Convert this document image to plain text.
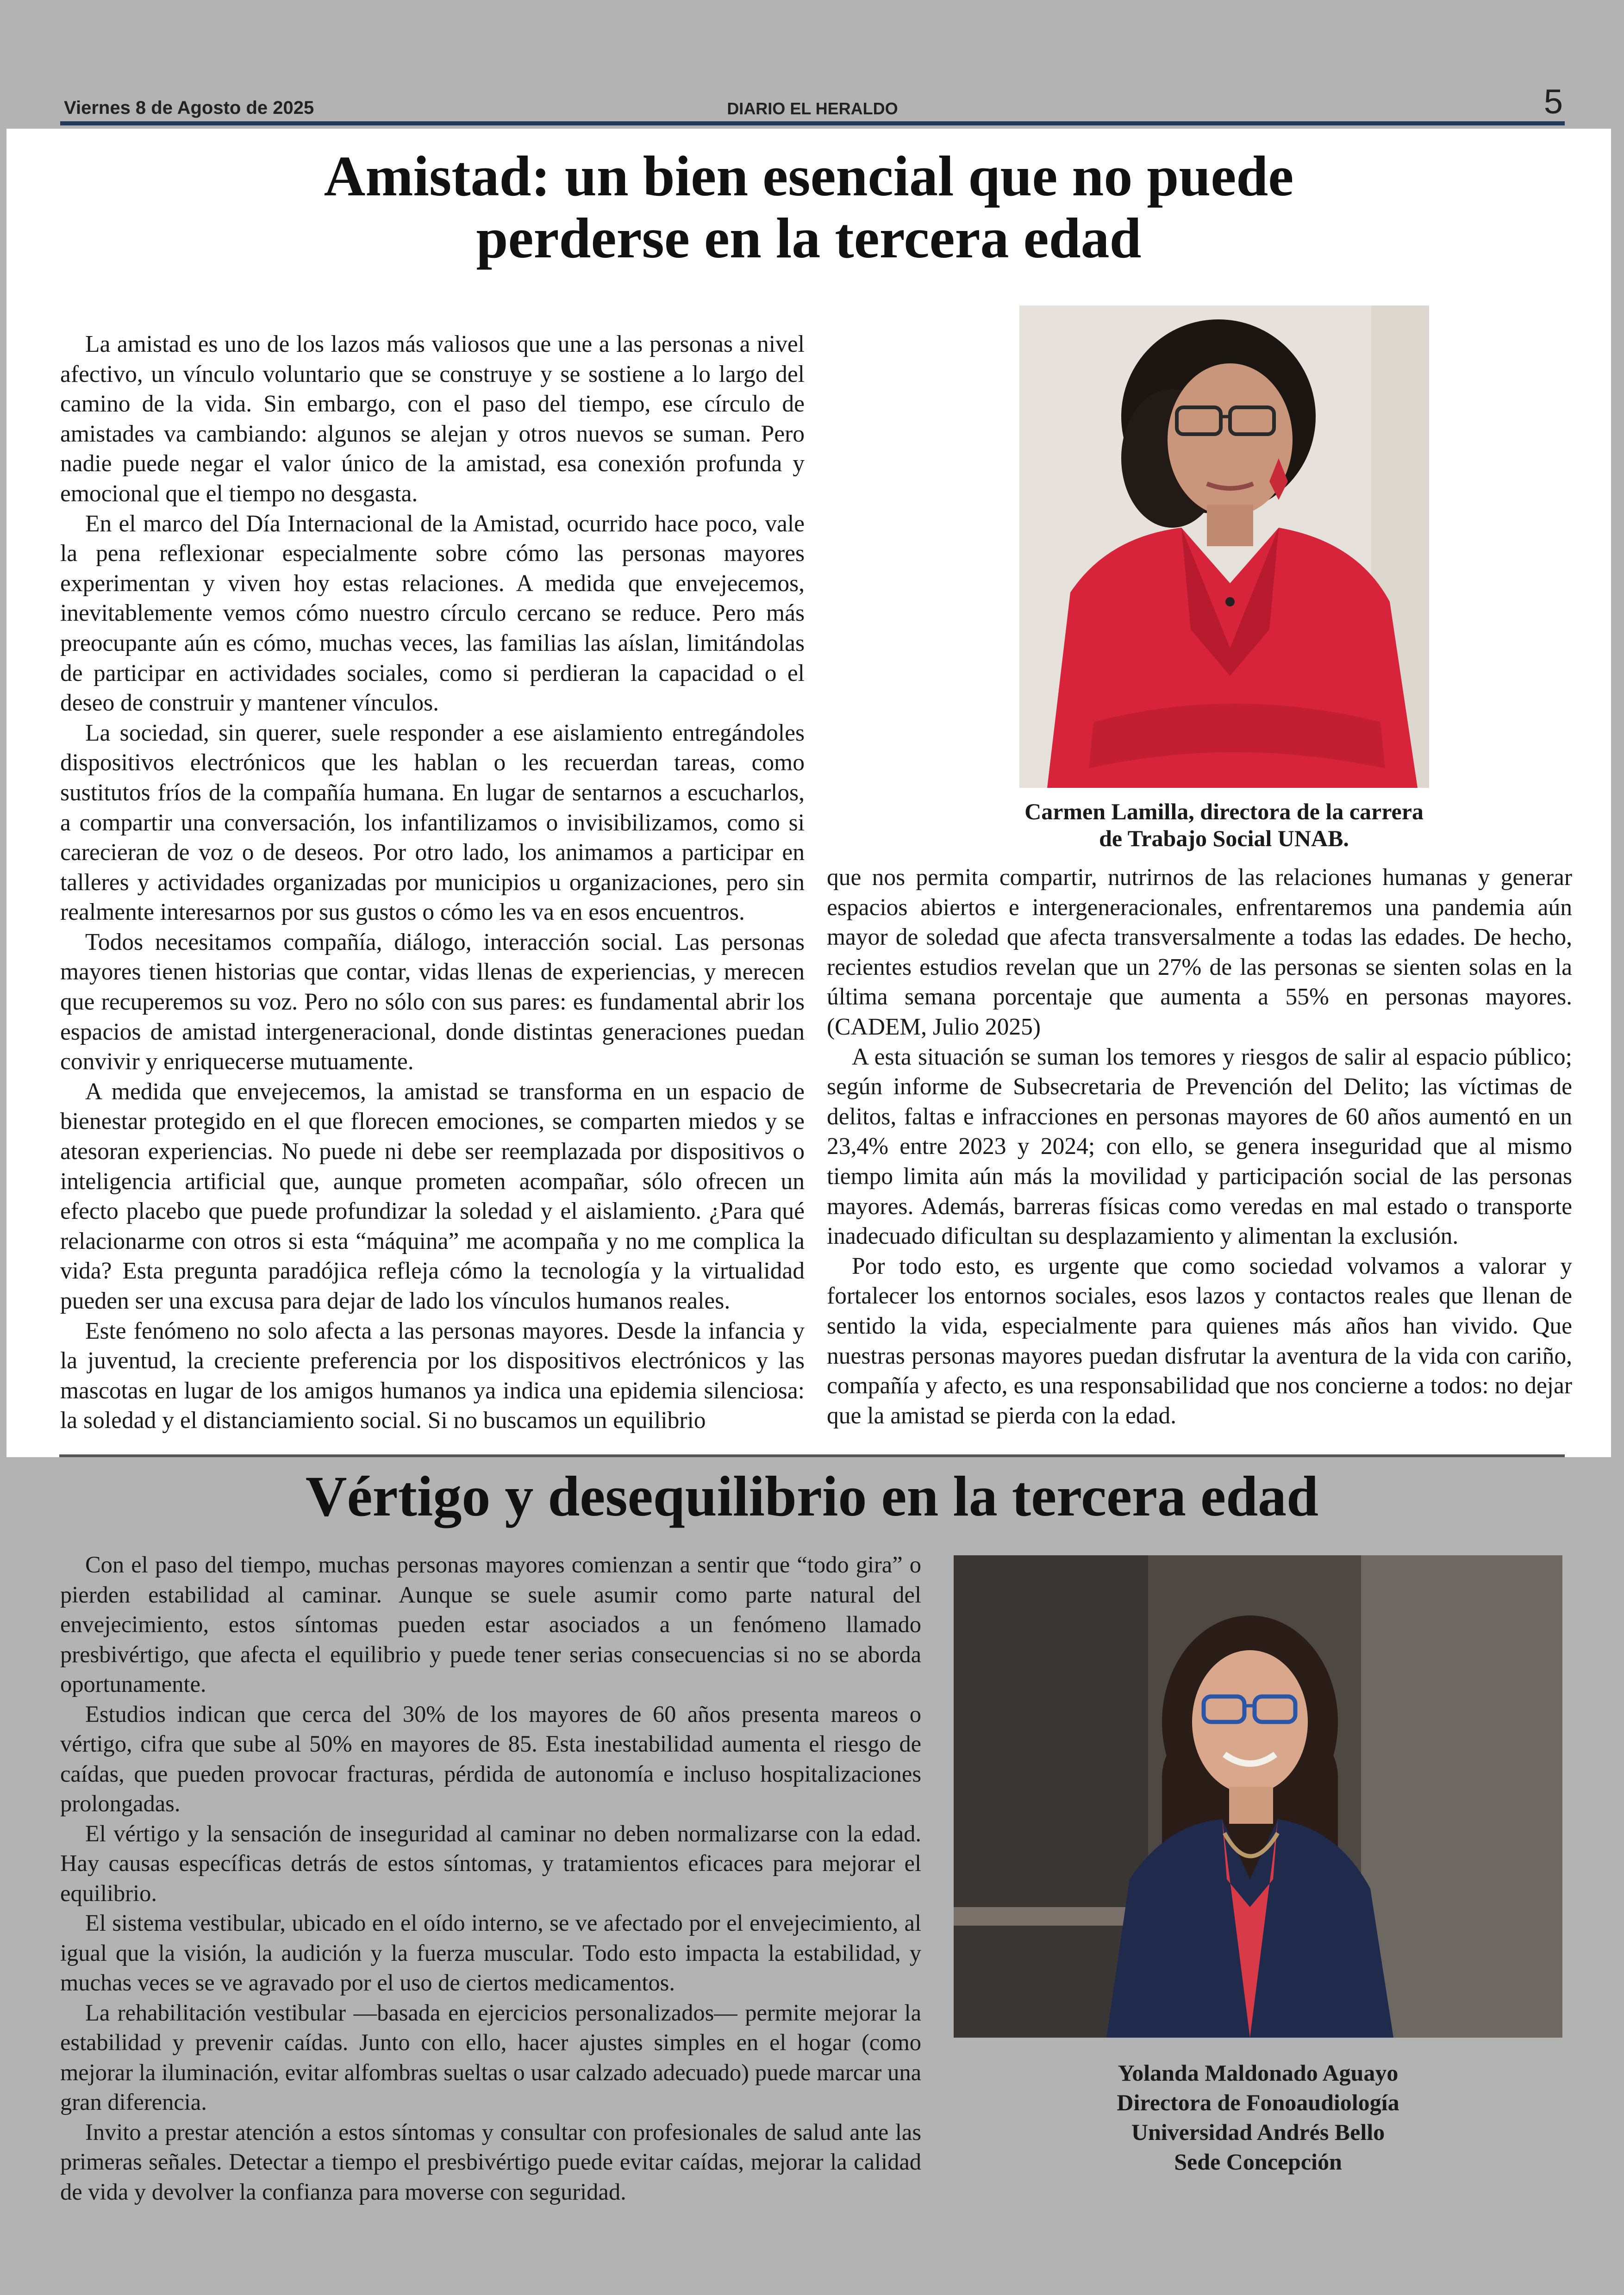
Viernes 8 de Agosto de 2025	DIARIO EL HERALDO	5
Amistad: un bien esencial que no puede
perderse en la tercera edad

La amistad es uno de los lazos más valiosos que une a las personas a nivel afectivo, un vínculo voluntario que se construye y se sostiene a lo largo del camino de la vida. Sin embargo, con el paso del tiempo, ese círculo de amistades va cambiando: algunos se alejan y otros nuevos se suman. Pero nadie puede negar el valor único de la amistad, esa conexión profunda y emocional que el tiempo no desgasta.

En el marco del Día Internacional de la Amistad, ocurrido hace poco, vale la pena reflexionar especialmente sobre cómo las personas mayores experimentan y viven hoy estas relaciones. A medida que envejecemos, inevitablemente vemos cómo nuestro círculo cercano se reduce. Pero más preocupante aún es cómo, muchas veces, las familias las aíslan, limitándolas de participar en actividades sociales, como si perdieran la capacidad o el deseo de construir y mantener vínculos.

La sociedad, sin querer, suele responder a ese aislamiento entregándoles dispositivos electrónicos que les hablan o les recuerdan tareas, como sustitutos fríos de la compañía humana. En lugar de sentarnos a escucharlos, a compartir una conversación, los infantilizamos o invisibilizamos, como si carecieran de voz o de deseos. Por otro lado, los animamos a participar en talleres y actividades organizadas por municipios u organizaciones, pero sin realmente interesarnos por sus gustos o cómo les va en esos encuentros.

Todos necesitamos compañía, diálogo, interacción social. Las personas mayores tienen historias que contar, vidas llenas de experiencias, y merecen que recuperemos su voz. Pero no sólo con sus pares: es fundamental abrir los espacios de amistad intergeneracional, donde distintas generaciones puedan convivir y enriquecerse mutuamente.

A medida que envejecemos, la amistad se transforma en un espacio de bienestar protegido en el que florecen emociones, se comparten miedos y se atesoran experiencias. No puede ni debe ser reemplazada por dispositivos o inteligencia artificial que, aunque prometen acompañar, sólo ofrecen un efecto placebo que puede profundizar la soledad y el aislamiento. ¿Para qué relacionarme con otros si esta “máquina” me acompaña y no me complica la vida? Esta pregunta paradójica refleja cómo la tecnología y la virtualidad pueden ser una excusa para dejar de lado los vínculos humanos reales.

Este fenómeno no solo afecta a las personas mayores. Desde la infancia y la juventud, la creciente preferencia por los dispositivos electrónicos y las mascotas en lugar de los amigos humanos ya indica una epidemia silenciosa: la soledad y el distanciamiento social. Si no buscamos un equilibrio

Carmen Lamilla, directora de la carrera
de Trabajo Social UNAB.

que nos permita compartir, nutrirnos de las relaciones humanas y generar espacios abiertos e intergeneracionales, enfrentaremos una pandemia aún mayor de soledad que afecta transversalmente a todas las edades. De hecho, recientes estudios revelan que un 27% de las personas se sienten solas en la última semana porcentaje que aumenta a 55% en personas mayores. (CADEM, Julio 2025)

A esta situación se suman los temores y riesgos de salir al espacio público; según informe de Subsecretaria de Prevención del Delito; las víctimas de delitos, faltas e infracciones en personas mayores de 60 años aumentó en un 23,4% entre 2023 y 2024; con ello, se genera inseguridad que al mismo tiempo limita aún más la movilidad y participación social de las personas mayores. Además, barreras físicas como veredas en mal estado o transporte inadecuado dificultan su desplazamiento y alimentan la exclusión.

Por todo esto, es urgente que como sociedad volvamos a valorar y fortalecer los entornos sociales, esos lazos y contactos reales que llenan de sentido la vida, especialmente para quienes más años han vivido. Que nuestras personas mayores puedan disfrutar la aventura de la vida con cariño, compañía y afecto, es una responsabilidad que nos concierne a todos: no dejar que la amistad se pierda con la edad.

Vértigo y desequilibrio en la tercera edad

Con el paso del tiempo, muchas personas mayores comienzan a sentir que “todo gira” o pierden estabilidad al caminar. Aunque se suele asumir como parte natural del envejecimiento, estos síntomas pueden estar asociados a un fenómeno llamado presbivértigo, que afecta el equilibrio y puede tener serias consecuencias si no se aborda oportunamente.

Estudios indican que cerca del 30% de los mayores de 60 años presenta mareos o vértigo, cifra que sube al 50% en mayores de 85. Esta inestabilidad aumenta el riesgo de caídas, que pueden provocar fracturas, pérdida de autonomía e incluso hospitalizaciones prolongadas.

El vértigo y la sensación de inseguridad al caminar no deben normalizarse con la edad. Hay causas específicas detrás de estos síntomas, y tratamientos eficaces para mejorar el equilibrio.

El sistema vestibular, ubicado en el oído interno, se ve afectado por el envejecimiento, al igual que la visión, la audición y la fuerza muscular. Todo esto impacta la estabilidad, y muchas veces se ve agravado por el uso de ciertos medicamentos.

La rehabilitación vestibular —basada en ejercicios personalizados— permite mejorar la estabilidad y prevenir caídas. Junto con ello, hacer ajustes simples en el hogar (como mejorar la iluminación, evitar alfombras sueltas o usar calzado adecuado) puede marcar una gran diferencia.

Invito a prestar atención a estos síntomas y consultar con profesionales de salud ante las primeras señales. Detectar a tiempo el presbivértigo puede evitar caídas, mejorar la calidad de vida y devolver la confianza para moverse con seguridad.

Yolanda Maldonado Aguayo
Directora de Fonoaudiología
Universidad Andrés Bello
Sede Concepción
